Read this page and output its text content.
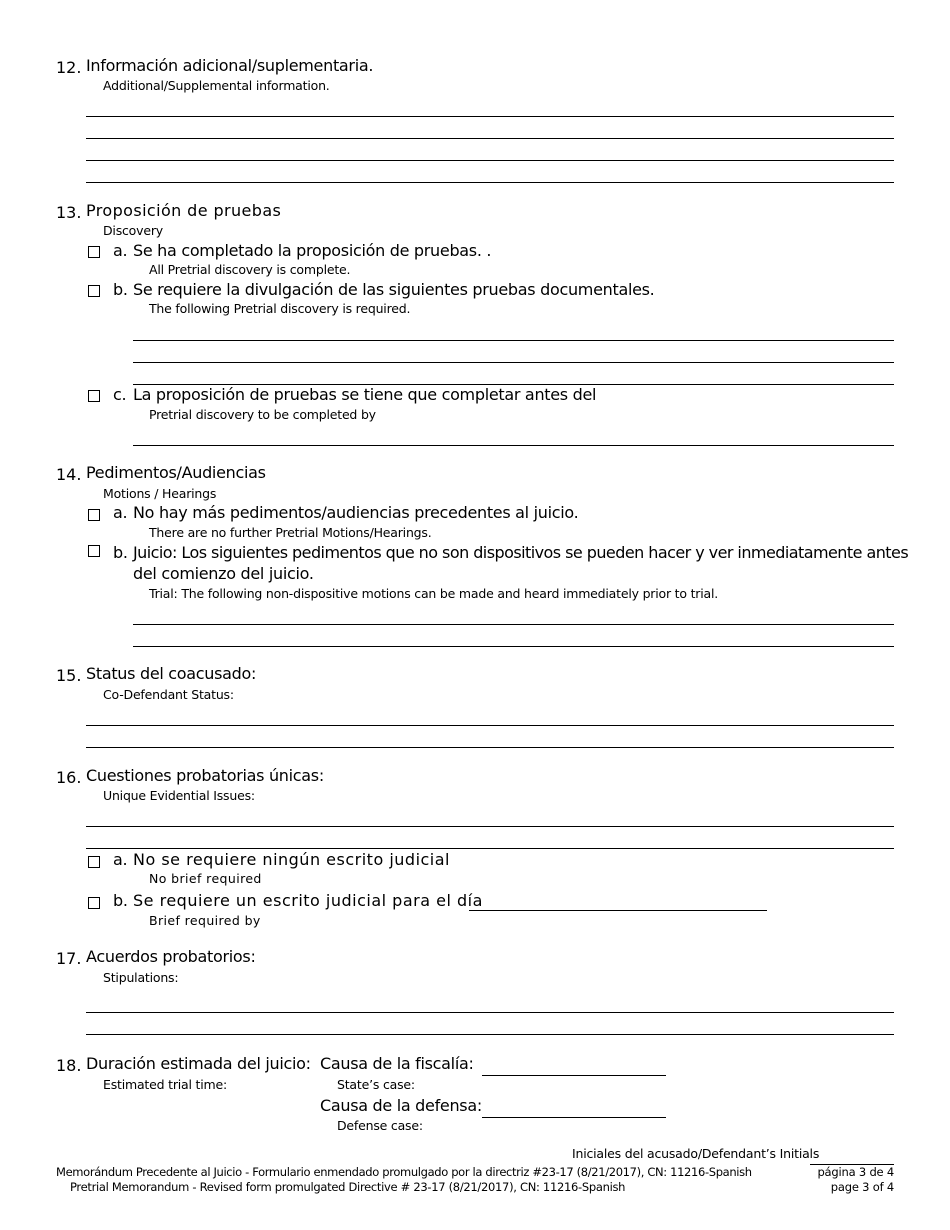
12. Información adicional/suplementaria.
Additional/Supplemental information.
13. Proposición de pruebas
Discovery
a. Se ha completado la proposición de pruebas. .
All Pretrial discovery is complete.
b. Se requiere la divulgación de las siguientes pruebas documentales.
The following Pretrial discovery is required.
c. La proposición de pruebas se tiene que completar antes del
Pretrial discovery to be completed by
14. Pedimentos/Audiencias
Motions / Hearings
a. No hay más pedimentos/audiencias precedentes al juicio.
There are no further Pretrial Motions/Hearings.
b. Juicio: Los siguientes pedimentos que no son dispositivos se pueden hacer y ver inmediatamente antes
del comienzo del juicio.
Trial: The following non-dispositive motions can be made and heard immediately prior to trial.
15. Status del coacusado:
Co-Defendant Status:
16. Cuestiones probatorias únicas:
Unique Evidential Issues:
a. No se requiere ningún escrito judicial
No brief required
b. Se requiere un escrito judicial para el día
Brief required by
17. Acuerdos probatorios:
Stipulations:
18. Duración estimada del juicio:
Estimated trial time:
Causa de la fiscalía:
State’s case:
Causa de la defensa:
Defense case:
Iniciales del acusado/Defendant’s Initials
Memorándum Precedente al Juicio - Formulario enmendado promulgado por la directriz #23-17 (8/21/2017), CN: 11216-Spanish
Pretrial Memorandum - Revised form promulgated Directive # 23-17 (8/21/2017), CN: 11216-Spanish
página 3 de 4
page 3 of 4
